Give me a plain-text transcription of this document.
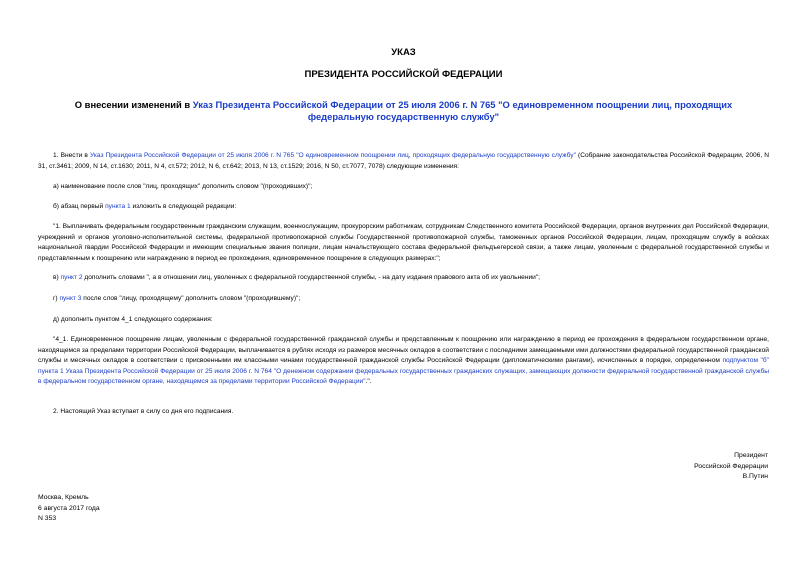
УКАЗ
ПРЕЗИДЕНТА РОССИЙСКОЙ ФЕДЕРАЦИИ
О внесении изменений в Указ Президента Российской Федерации от 25 июля 2006 г. N 765 "О единовременном поощрении лиц, проходящих федеральную государственную службу"
1. Внести в Указ Президента Российской Федерации от 25 июля 2006 г. N 765 "О единовременном поощрении лиц, проходящих федеральную государственную службу" (Собрание законодательства Российской Федерации, 2006, N 31, ст.3461; 2009, N 14, ст.1630; 2011, N 4, ст.572; 2012, N 6, ст.642; 2013, N 13, ст.1529; 2016, N 50, ст.7077, 7078) следующие изменения:
а) наименование после слов "лиц, проходящих" дополнить словом "(проходивших)";
б) абзац первый пункта 1 изложить в следующей редакции:
"1. Выплачивать федеральным государственным гражданским служащим, военнослужащим, прокурорским работникам, сотрудникам Следственного комитета Российской Федерации, органов внутренних дел Российской Федерации, учреждений и органов уголовно-исполнительной системы, федеральной противопожарной службы Государственной противопожарной службы, таможенных органов Российской Федерации, лицам, проходящим службу в войсках национальной гвардии Российской Федерации и имеющим специальные звания полиции, лицам начальствующего состава федеральной фельдъегерской связи, а также лицам, уволенным с федеральной государственной службы и представленным к поощрению или награждению в период ее прохождения, единовременное поощрение в следующих размерах:";
в) пункт 2 дополнить словами ", а в отношении лиц, уволенных с федеральной государственной службы, - на дату издания правового акта об их увольнении";
г) пункт 3 после слов "лицу, проходящему" дополнить словом "(проходившему)";
д) дополнить пунктом 4_1 следующего содержания:
"4_1. Единовременное поощрение лицам, уволенным с федеральной государственной гражданской службы и представленным к поощрению или награждению в период ее прохождения в федеральном государственном органе, находящемся за пределами территории Российской Федерации, выплачивается в рублях исходя из размеров месячных окладов в соответствии с последними замещаемыми ими должностями федеральной государственной гражданской службы и месячных окладов в соответствии с присвоенными им классными чинами государственной гражданской службы Российской Федерации (дипломатическими рангами), исчисленных в порядке, определенном подпунктом "б" пункта 1 Указа Президента Российской Федерации от 25 июля 2006 г. N 764 "О денежном содержании федеральных государственных гражданских служащих, замещающих должности федеральной государственной гражданской службы в федеральном государственном органе, находящемся за пределами территории Российской Федерации".".
2. Настоящий Указ вступает в силу со дня его подписания.
Президент
Российской Федерации
В.Путин
Москва, Кремль
6 августа 2017 года
N 353
